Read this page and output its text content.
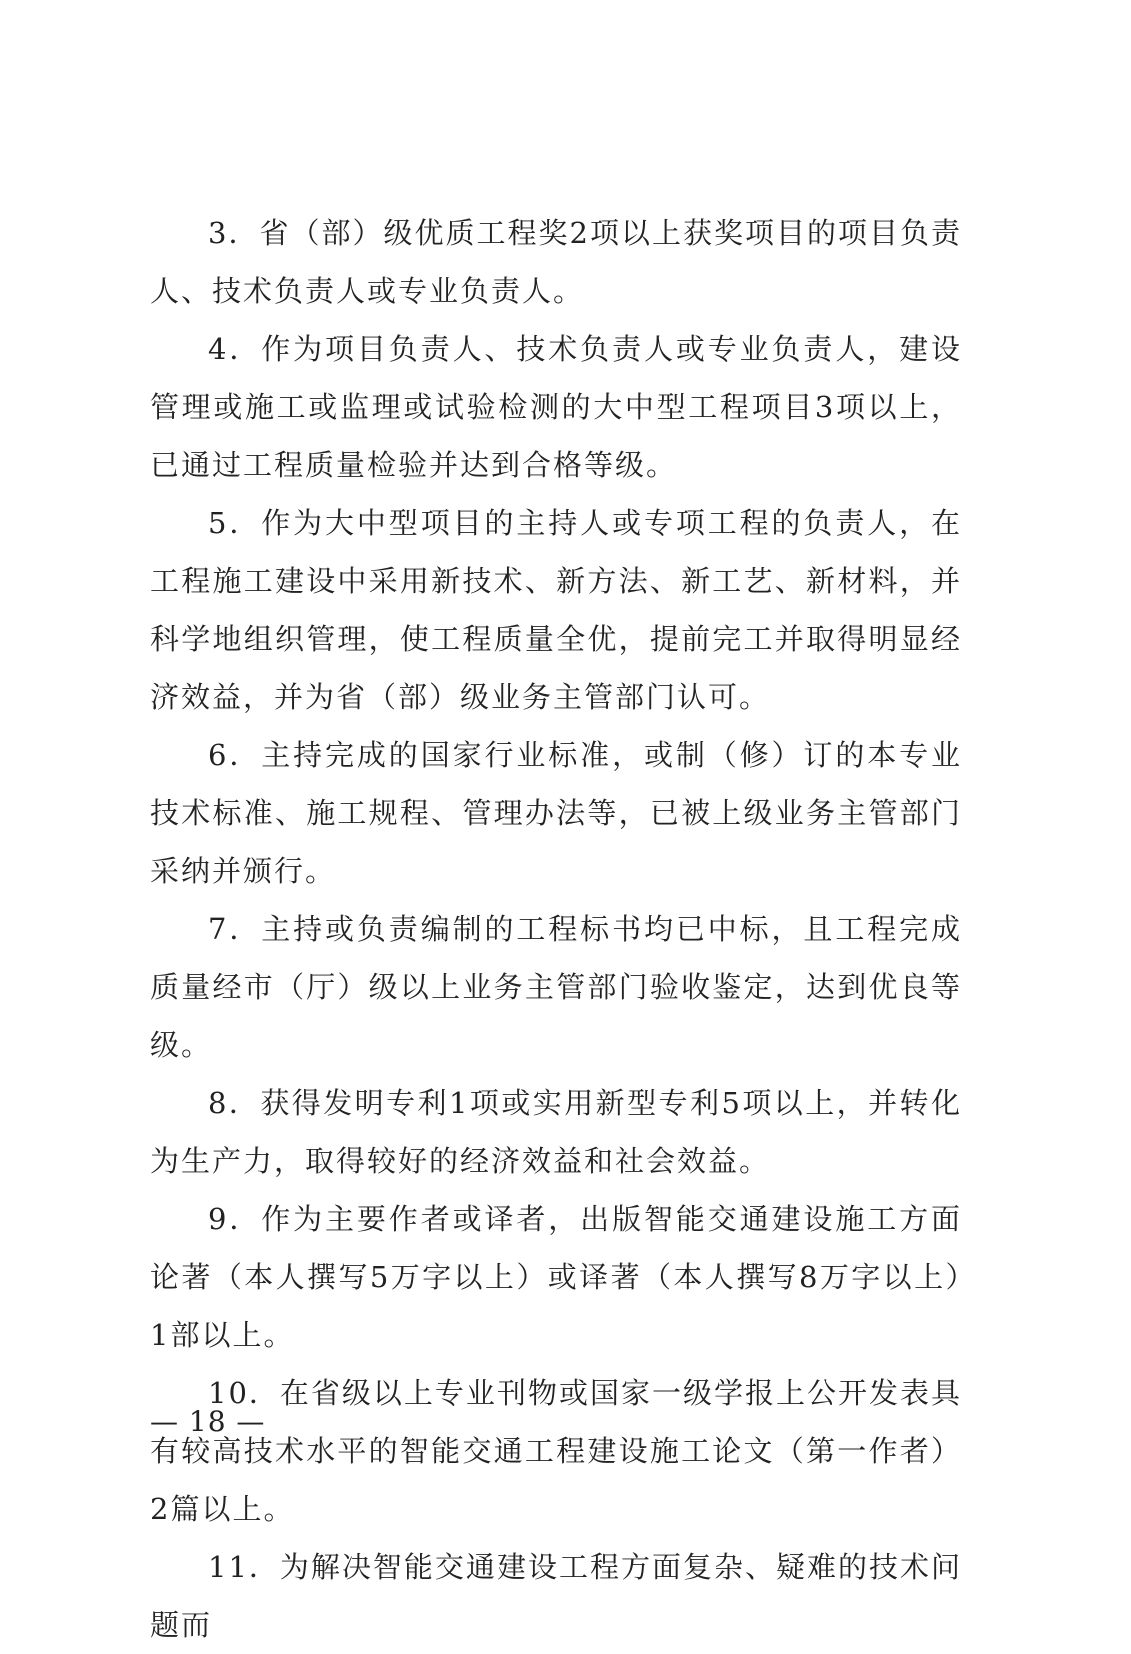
3．省（部）级优质工程奖2项以上获奖项目的项目负责人、技术负责人或专业负责人。

4．作为项目负责人、技术负责人或专业负责人，建设管理或施工或监理或试验检测的大中型工程项目3项以上，已通过工程质量检验并达到合格等级。

5．作为大中型项目的主持人或专项工程的负责人，在工程施工建设中采用新技术、新方法、新工艺、新材料，并科学地组织管理，使工程质量全优，提前完工并取得明显经济效益，并为省（部）级业务主管部门认可。

6．主持完成的国家行业标准，或制（修）订的本专业技术标准、施工规程、管理办法等，已被上级业务主管部门采纳并颁行。

7．主持或负责编制的工程标书均已中标，且工程完成质量经市（厅）级以上业务主管部门验收鉴定，达到优良等级。

8．获得发明专利1项或实用新型专利5项以上，并转化为生产力，取得较好的经济效益和社会效益。

9．作为主要作者或译者，出版智能交通建设施工方面论著（本人撰写5万字以上）或译著（本人撰写8万字以上）1部以上。

10．在省级以上专业刊物或国家一级学报上公开发表具有较高技术水平的智能交通工程建设施工论文（第一作者）2篇以上。

11．为解决智能交通建设工程方面复杂、疑难的技术问题而

— 18 —
